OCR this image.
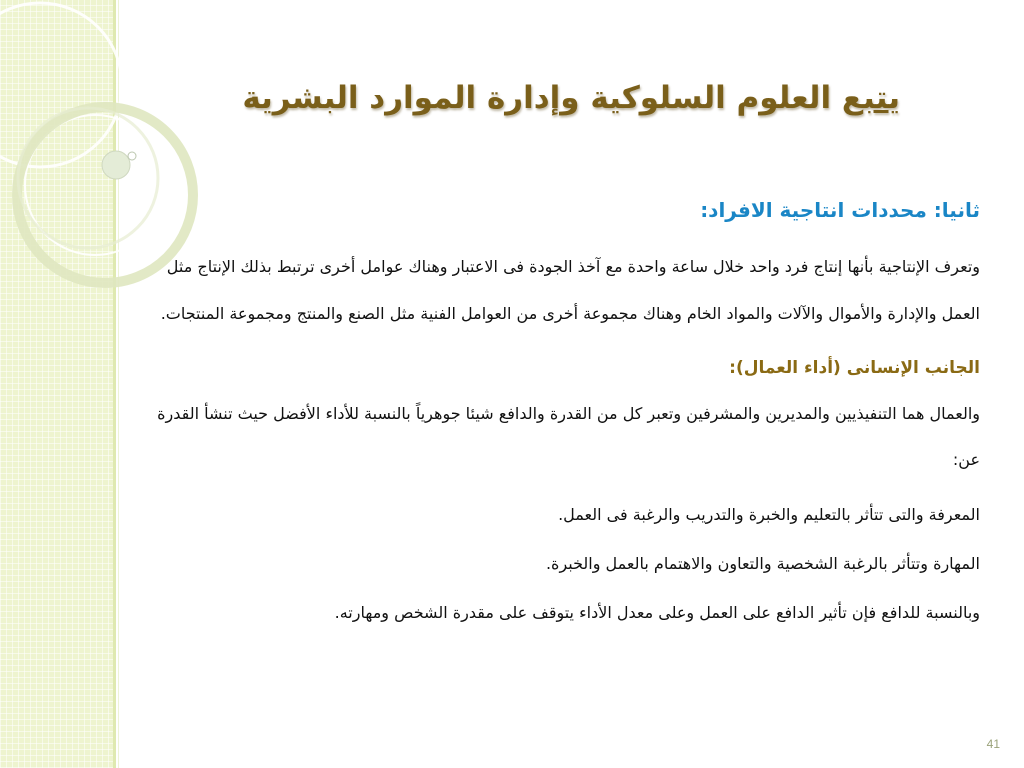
يتبع العلوم السلوكية وإدارة الموارد البشرية

ثانيا: محددات انتاجية الافراد:

وتعرف الإنتاجية بأنها إنتاج فرد واحد خلال ساعة واحدة مع آخذ الجودة فى الاعتبار وهناك عوامل أخرى ترتبط بذلك الإنتاج مثل العمل والإدارة والأموال والآلات والمواد الخام وهناك مجموعة أخرى من العوامل الفنية مثل الصنع والمنتج ومجموعة المنتجات.

الجانب الإنسانى (أداء العمال):

والعمال هما التنفيذيين والمديرين والمشرفين وتعبر كل من القدرة والدافع شيئا جوهرياً بالنسبة للأداء الأفضل حيث تنشأ القدرة عن:

المعرفة والتى تتأثر بالتعليم والخبرة والتدريب والرغبة فى العمل.

المهارة وتتأثر بالرغبة الشخصية والتعاون والاهتمام بالعمل والخبرة.

وبالنسبة للدافع فإن تأثير الدافع على العمل وعلى معدل الأداء يتوقف على مقدرة الشخص ومهارته.

41
